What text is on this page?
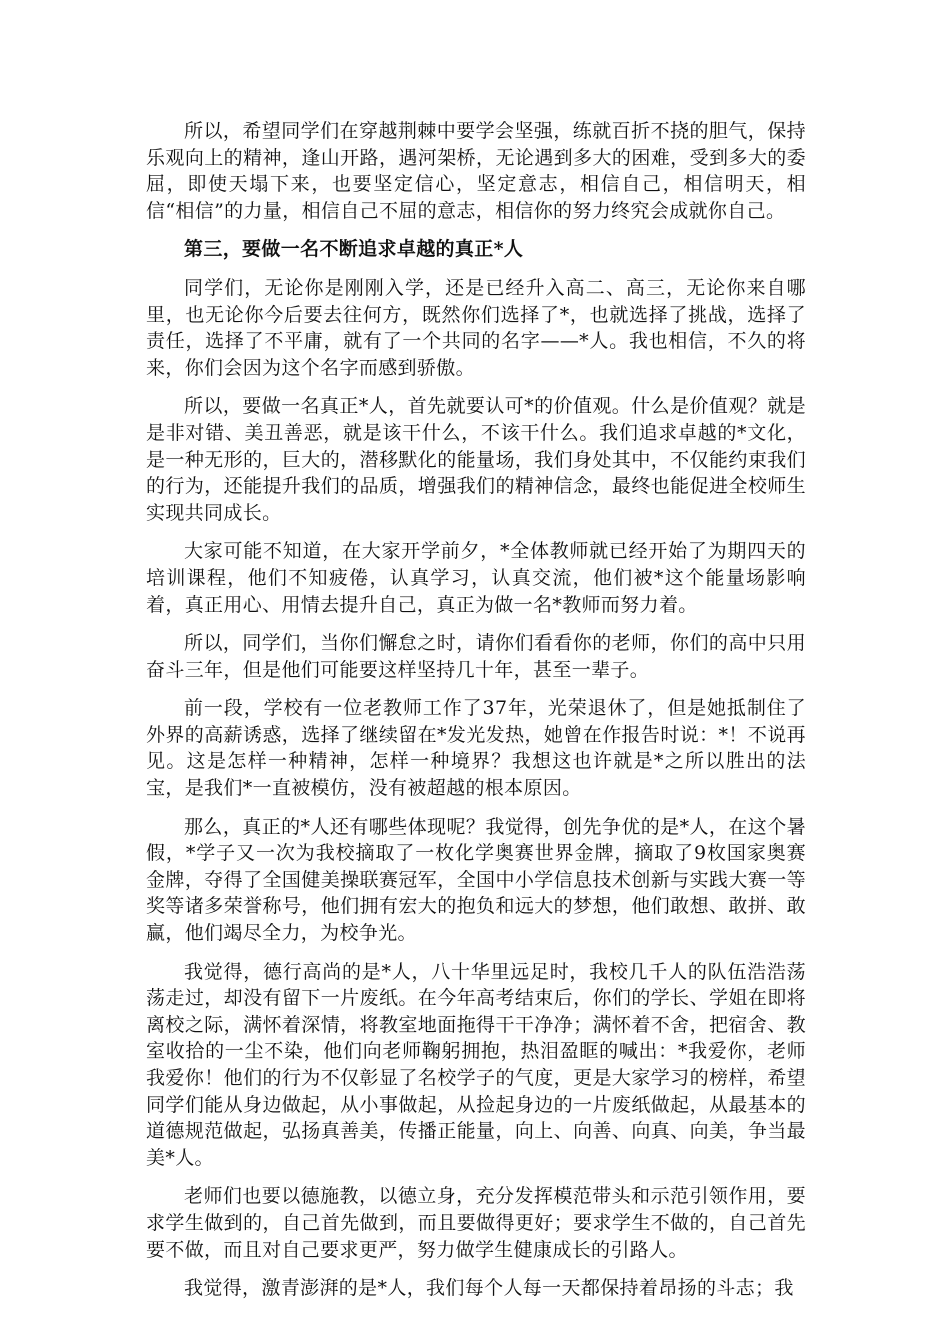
所以，希望同学们在穿越荆棘中要学会坚强，练就百折不挠的胆气，保持乐观向上的精神，逢山开路，遇河架桥，无论遇到多大的困难，受到多大的委屈，即使天塌下来，也要坚定信心，坚定意志，相信自己，相信明天，相信“相信”的力量，相信自己不屈的意志，相信你的努力终究会成就你自己。

第三，要做一名不断追求卓越的真正*人

同学们，无论你是刚刚入学，还是已经升入高二、高三，无论你来自哪里，也无论你今后要去往何方，既然你们选择了*，也就选择了挑战，选择了责任，选择了不平庸，就有了一个共同的名字——*人。我也相信，不久的将来，你们会因为这个名字而感到骄傲。

所以，要做一名真正*人，首先就要认可*的价值观。什么是价值观？就是是非对错、美丑善恶，就是该干什么，不该干什么。我们追求卓越的*文化，是一种无形的，巨大的，潜移默化的能量场，我们身处其中，不仅能约束我们的行为，还能提升我们的品质，增强我们的精神信念，最终也能促进全校师生实现共同成长。

大家可能不知道，在大家开学前夕，*全体教师就已经开始了为期四天的培训课程，他们不知疲倦，认真学习，认真交流，他们被*这个能量场影响着，真正用心、用情去提升自己，真正为做一名*教师而努力着。

所以，同学们，当你们懈怠之时，请你们看看你的老师，你们的高中只用奋斗三年，但是他们可能要这样坚持几十年，甚至一辈子。

前一段，学校有一位老教师工作了37年，光荣退休了，但是她抵制住了外界的高薪诱惑，选择了继续留在*发光发热，她曾在作报告时说：*！不说再见。这是怎样一种精神，怎样一种境界？我想这也许就是*之所以胜出的法宝，是我们*一直被模仿，没有被超越的根本原因。

那么，真正的*人还有哪些体现呢？我觉得，创先争优的是*人，在这个暑假，*学子又一次为我校摘取了一枚化学奥赛世界金牌，摘取了9枚国家奥赛金牌，夺得了全国健美操联赛冠军，全国中小学信息技术创新与实践大赛一等奖等诸多荣誉称号，他们拥有宏大的抱负和远大的梦想，他们敢想、敢拼、敢赢，他们竭尽全力，为校争光。

我觉得，德行高尚的是*人，八十华里远足时，我校几千人的队伍浩浩荡荡走过，却没有留下一片废纸。在今年高考结束后，你们的学长、学姐在即将离校之际，满怀着深情，将教室地面拖得干干净净；满怀着不舍，把宿舍、教室收拾的一尘不染，他们向老师鞠躬拥抱，热泪盈眶的喊出：*我爱你，老师我爱你！他们的行为不仅彰显了名校学子的气度，更是大家学习的榜样，希望同学们能从身边做起，从小事做起，从捡起身边的一片废纸做起，从最基本的道德规范做起，弘扬真善美，传播正能量，向上、向善、向真、向美，争当最美*人。

老师们也要以德施教，以德立身，充分发挥模范带头和示范引领作用，要求学生做到的，自己首先做到，而且要做得更好；要求学生不做的，自己首先要不做，而且对自己要求更严，努力做学生健康成长的引路人。

我觉得，激青澎湃的是*人，我们每个人每一天都保持着昂扬的斗志；我
